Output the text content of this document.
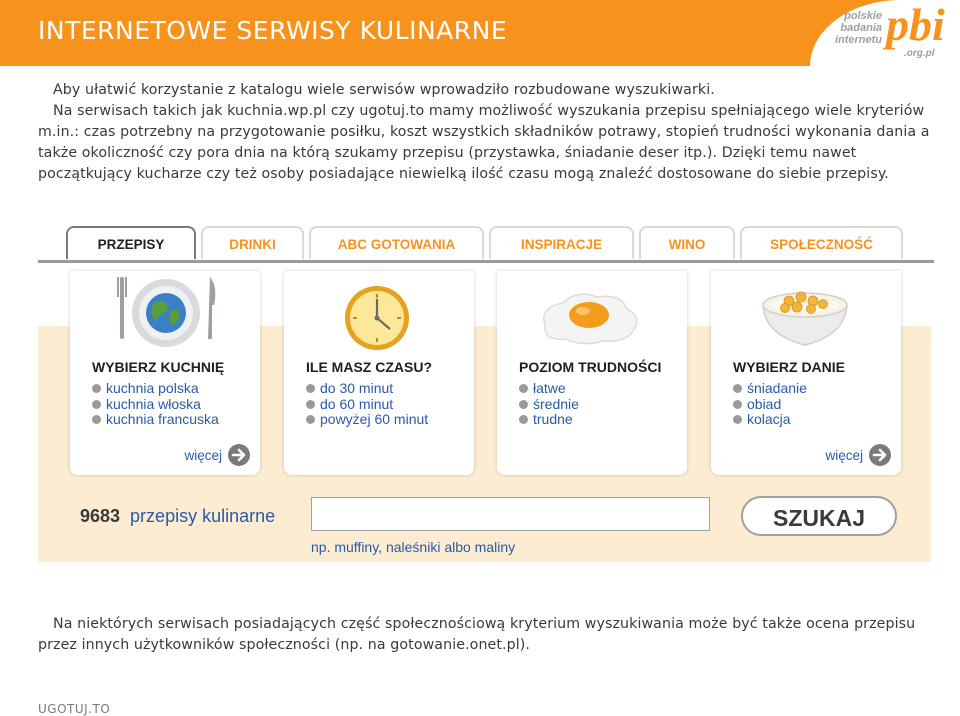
INTERNETOWE SERWISY KULINARNE	polskie
badania
internetu pbi
.org.pl

Aby ułatwić korzystanie z katalogu wiele serwisów wprowadziło rozbudowane wyszukiwarki.

Na serwisach takich jak kuchnia.wp.pl czy ugotuj.to mamy możliwość wyszukania przepisu spełniającego wiele kryteriów m.in.: czas potrzebny na przygotowanie posiłku, koszt wszystkich składników potrawy, stopień trudności wykonania dania a także okoliczność czy pora dnia na którą szukamy przepisu (przystawka, śniadanie deser itp.). Dzięki temu nawet początkujący kucharze czy też osoby posiadające niewielką ilość czasu mogą znaleźć dostosowane do siebie przepisy.

PRZEPISY	DRINKI	ABC GOTOWANIA	INSPIRACJE	WINO	SPOŁECZNOŚĆ
WYBIERZ KUCHNIĘ
kuchnia polska
kuchnia włoska
kuchnia francuska
więcej
ILE MASZ CZASU?
do 30 minut
do 60 minut
powyżej 60 minut
POZIOM TRUDNOŚCI
łatwe
średnie
trudne
WYBIERZ DANIE
śniadanie
obiad
kolacja
więcej
9683 przepisy kulinarne	SZUKAJ
np. muffiny, naleśniki albo maliny

Na niektórych serwisach posiadających część społecznościową kryterium wyszukiwania może być także ocena przepisu przez innych użytkowników społeczności (np. na gotowanie.onet.pl).

UGOTUJ.TO
